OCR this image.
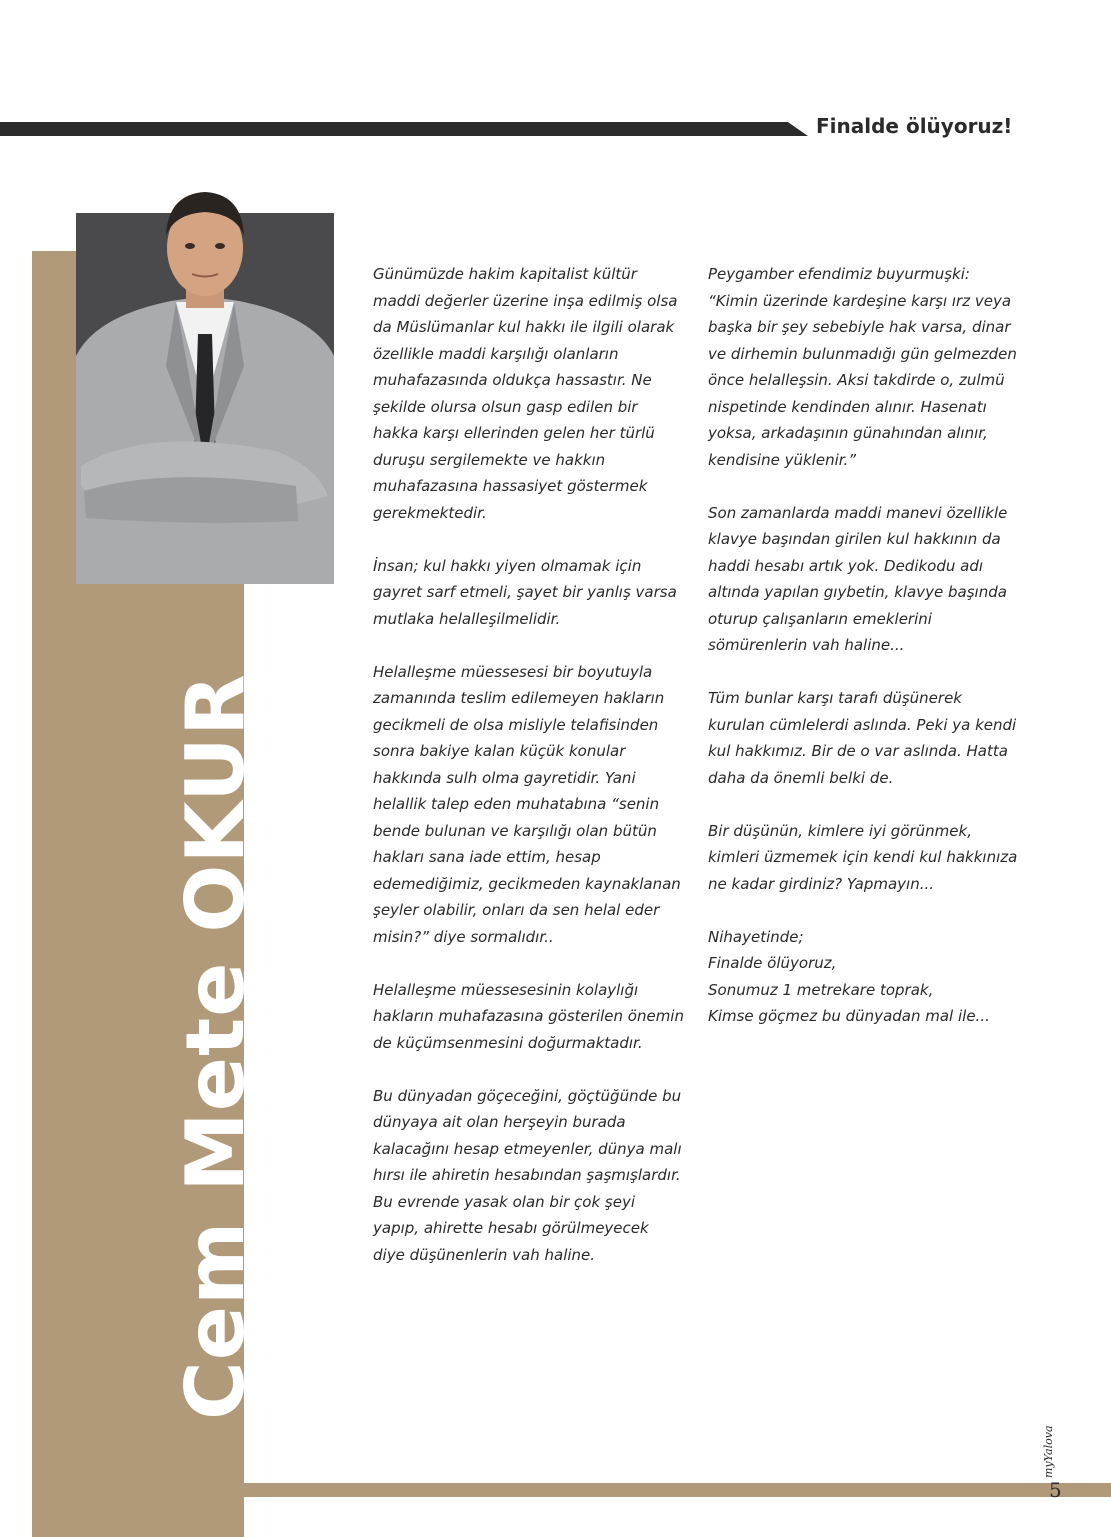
Finalde ölüyoruz!
Cem Mete OKUR

Günümüzde hakim kapitalist kültür maddi değerler üzerine inşa edilmiş olsa da Müslümanlar kul hakkı ile ilgili olarak özellikle maddi karşılığı olanların muhafazasında oldukça hassastır. Ne şekilde olursa olsun gasp edilen bir hakka karşı ellerinden gelen her türlü duruşu sergilemekte ve hakkın muhafazasına hassasiyet göstermek gerekmektedir.

İnsan; kul hakkı yiyen olmamak için gayret sarf etmeli, şayet bir yanlış varsa mutlaka helalleşilmelidir.

Helalleşme müessesesi bir boyutuyla zamanında teslim edilemeyen hakların gecikmeli de olsa misliyle telafisinden sonra bakiye kalan küçük konular hakkında sulh olma gayretidir. Yani helallik talep eden muhatabına “senin bende bulunan ve karşılığı olan bütün hakları sana iade ettim, hesap edemediğimiz, gecikmeden kaynaklanan şeyler olabilir, onları da sen helal eder misin?” diye sormalıdır..

Helalleşme müessesesinin kolaylığı hakların muhafazasına gösterilen önemin de küçümsenmesini doğurmaktadır.

Bu dünyadan göçeceğini, göçtüğünde bu dünyaya ait olan herşeyin burada kalacağını hesap etmeyenler, dünya malı hırsı ile ahiretin hesabından şaşmışlardır. Bu evrende yasak olan bir çok şeyi yapıp, ahirette hesabı görülmeyecek diye düşünenlerin vah haline.

Peygamber efendimiz buyurmuşki: “Kimin üzerinde kardeşine karşı ırz veya başka bir şey sebebiyle hak varsa, dinar ve dirhemin bulunmadığı gün gelmezden önce helalleşsin. Aksi takdirde o, zulmü nispetinde kendinden alınır. Hasenatı yoksa, arkadaşının günahından alınır, kendisine yüklenir.”

Son zamanlarda maddi manevi özellikle klavye başından girilen kul hakkının da haddi hesabı artık yok. Dedikodu adı altında yapılan gıybetin, klavye başında oturup çalışanların emeklerini sömürenlerin vah haline...

Tüm bunlar karşı tarafı düşünerek kurulan cümlelerdi aslında. Peki ya kendi kul hakkımız. Bir de o var aslında. Hatta daha da önemli belki de.

Bir düşünün, kimlere iyi görünmek, kimleri üzmemek için kendi kul hakkınıza ne kadar girdiniz? Yapmayın...

Nihayetinde;
Finalde ölüyoruz,
Sonumuz 1 metrekare toprak,
Kimse göçmez bu dünyadan mal ile...

myYalova
5
